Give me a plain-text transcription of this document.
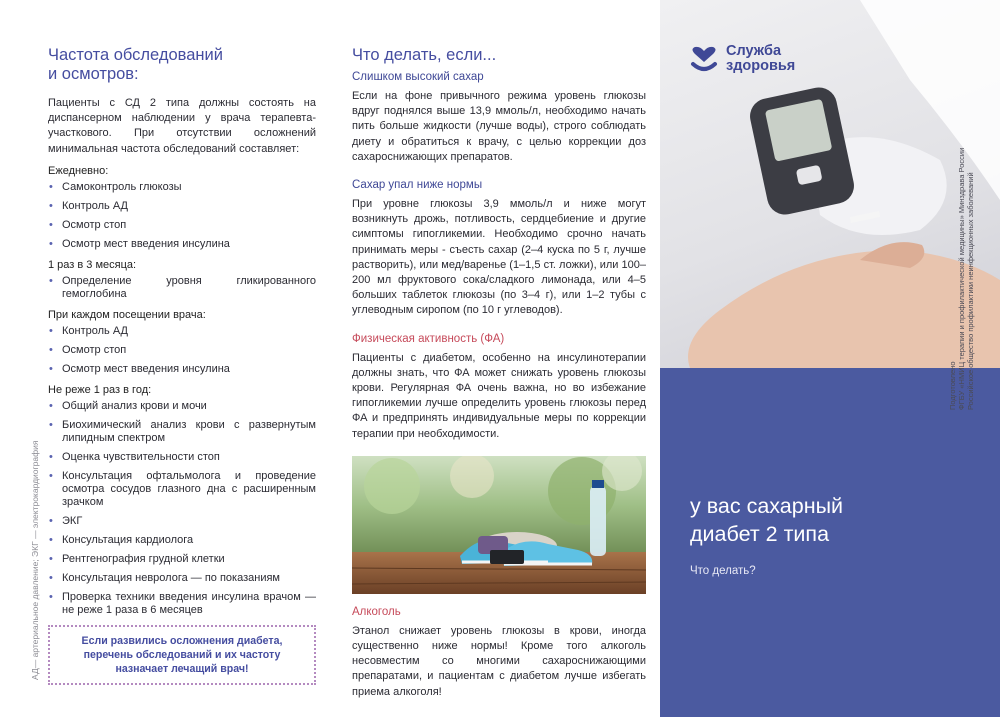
Частота обследований
и осмотров:

Пациенты с СД 2 типа должны состоять на диспансерном наблюдении у врача терапевта-участкового. При отсутствии осложнений минимальная частота обследований составляет:

Ежедневно:
• Самоконтроль глюкозы
• Контроль АД
• Осмотр стоп
• Осмотр мест введения инсулина
1 раз в 3 месяца:
• Определение уровня гликированного гемоглобина
При каждом посещении врача:
• Контроль АД
• Осмотр стоп
• Осмотр мест введения инсулина
Не реже 1 раз в год:
• Общий анализ крови и мочи
• Биохимический анализ крови с развернутым липидным спектром
• Оценка чувствительности стоп
• Консультация офтальмолога и проведение осмотра сосудов глазного дна с расширенным зрачком
• ЭКГ
• Консультация кардиолога
• Рентгенография грудной клетки
• Консультация невролога — по показаниям
• Проверка техники введения инсулина врачом — не реже 1 раза в 6 месяцев
Если развились осложнения диабета, перечень обследований и их частоту назначает лечащий врач!
АД— артериальное давление; ЭКГ — электрокардиография
Что делать, если...
Слишком высокий сахар

Если на фоне привычного режима уровень глюкозы вдруг поднялся выше 13,9 ммоль/л, необходимо начать пить больше жидкости (лучше воды), строго соблюдать диету и обратиться к врачу, с целью коррекции доз сахароснижающих препаратов.

Сахар упал ниже нормы

При уровне глюкозы 3,9 ммоль/л и ниже могут возникнуть дрожь, потливость, сердцебиение и другие симптомы гипогликемии. Необходимо срочно начать принимать меры - съесть сахар (2–4 куска по 5 г, лучше растворить), или мед/варенье (1–1,5 ст. ложки), или 100–200 мл фруктового сока/сладкого лимонада, или 4–5 больших таблеток глюкозы (по 3–4 г), или 1–2 тубы с углеводным сиропом (по 10 г углеводов).

Физическая активность (ФА)

Пациенты с диабетом, особенно на инсулинотерапии должны знать, что ФА может снижать уровень глюкозы крови. Регулярная ФА очень важна, но во избежание гипогликемии лучше определить уровень глюкозы перед ФА и предпринять индивидуальные меры по коррекции терапии при необходимости.

Алкоголь

Этанол снижает уровень глюкозы в крови, иногда существенно ниже нормы! Кроме того алкоголь несовместим со многими сахароснижающими препаратами, и пациентам с диабетом лучше избегать приема алкоголя!

Служба
здоровья
Подготовлено
ФГБУ «НМИЦ терапии и профилактической медицины» Минздрава России
Российское общество профилактики неинфекционных заболеваний
у вас сахарный
диабет 2 типа
Что делать?
